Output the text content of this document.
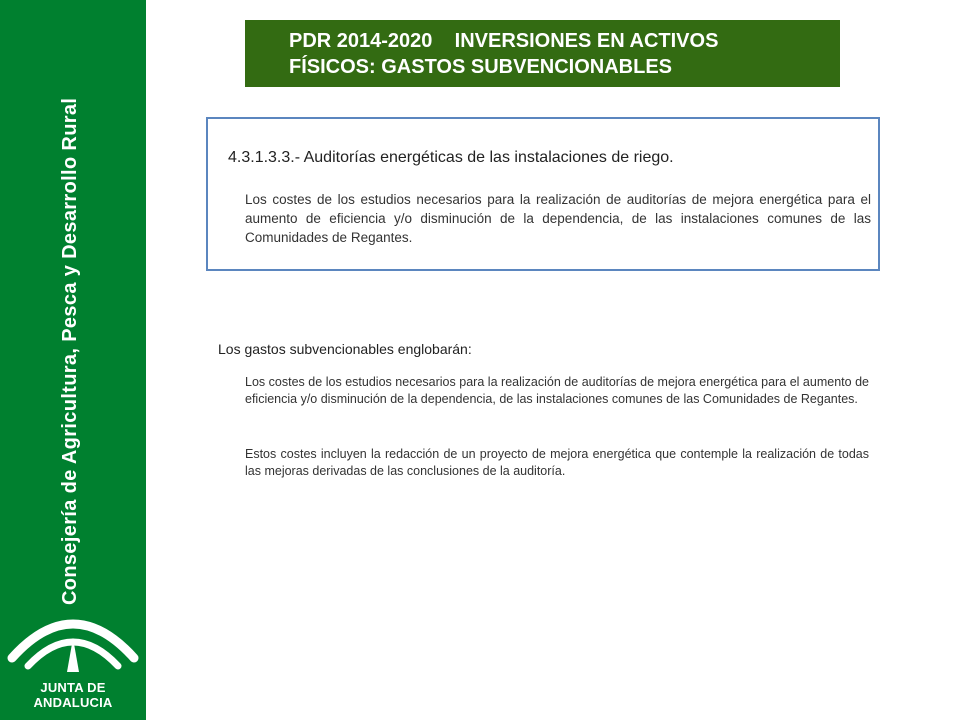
Consejería de Agricultura, Pesca y Desarrollo Rural
JUNTA DE ANDALUCIA
PDR 2014-2020    INVERSIONES EN ACTIVOS
FÍSICOS: GASTOS SUBVENCIONABLES
4.3.1.3.3.- Auditorías energéticas de las instalaciones de riego.
Los costes de los estudios necesarios para la realización de auditorías de mejora energética para el aumento de eficiencia y/o disminución de la dependencia, de las instalaciones comunes de las Comunidades de Regantes.
Los gastos subvencionables englobarán:
Los costes de los estudios necesarios para la realización de auditorías de mejora energética para el aumento de eficiencia y/o disminución de la dependencia, de las instalaciones comunes de las Comunidades de Regantes.
Estos costes incluyen la redacción de un proyecto de mejora energética que contemple la realización de todas las mejoras derivadas de las conclusiones de la auditoría.
